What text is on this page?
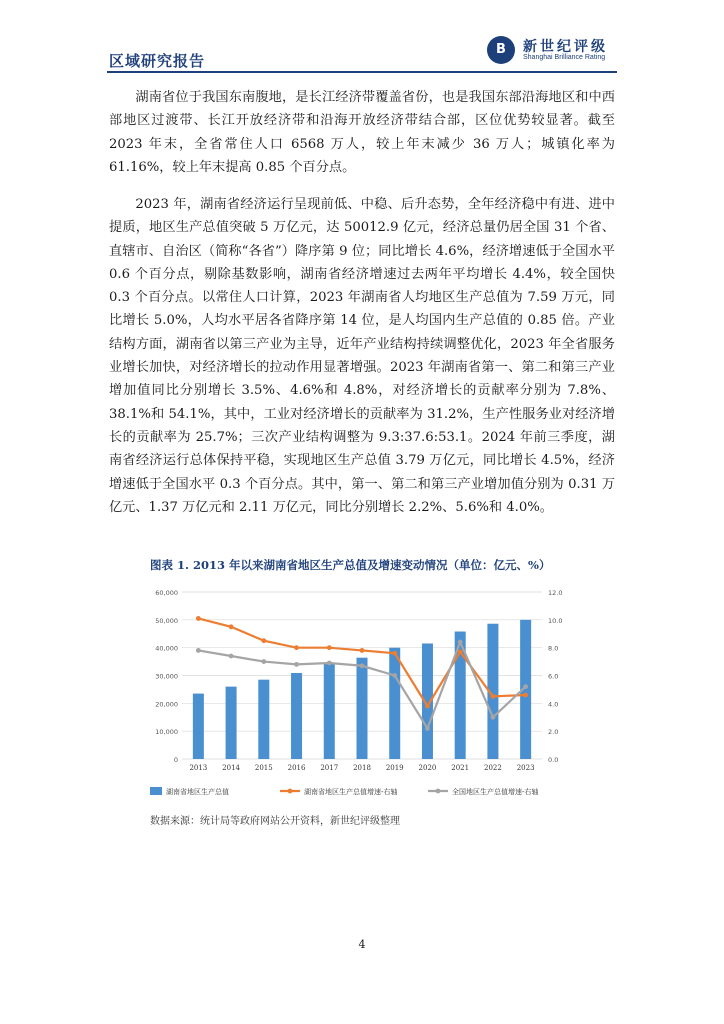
区域研究报告
B	新世纪评级
Shanghai Brilliance Rating

湖南省位于我国东南腹地，是长江经济带覆盖省份，也是我国东部沿海地区和中西部地区过渡带、长江开放经济带和沿海开放经济带结合部，区位优势较显著。截至 2023 年末，全省常住人口 6568 万人，较上年末减少 36 万人；城镇化率为 61.16%，较上年末提高 0.85 个百分点。

2023 年，湖南省经济运行呈现前低、中稳、后升态势，全年经济稳中有进、进中提质，地区生产总值突破 5 万亿元，达 50012.9 亿元，经济总量仍居全国 31 个省、直辖市、自治区（简称“各省”）降序第 9 位；同比增长 4.6%，经济增速低于全国水平 0.6 个百分点，剔除基数影响，湖南省经济增速过去两年平均增长 4.4%，较全国快 0.3 个百分点。以常住人口计算，2023 年湖南省人均地区生产总值为 7.59 万元，同比增长 5.0%，人均水平居各省降序第 14 位，是人均国内生产总值的 0.85 倍。产业结构方面，湖南省以第三产业为主导，近年产业结构持续调整优化，2023 年全省服务业增长加快，对经济增长的拉动作用显著增强。2023 年湖南省第一、第二和第三产业增加值同比分别增长 3.5%、4.6%和 4.8%，对经济增长的贡献率分别为 7.8%、38.1%和 54.1%，其中，工业对经济增长的贡献率为 31.2%，生产性服务业对经济增长的贡献率为 25.7%；三次产业结构调整为 9.3:37.6:53.1。2024 年前三季度，湖南省经济运行总体保持平稳，实现地区生产总值 3.79 万亿元，同比增长 4.5%，经济增速低于全国水平 0.3 个百分点。其中，第一、第二和第三产业增加值分别为 0.31 万亿元、1.37 万亿元和 2.11 万亿元，同比分别增长 2.2%、5.6%和 4.0%。

图表 1. 2013 年以来湖南省地区生产总值及增速变动情况（单位：亿元、%）
0
10,000
20,000
30,000
40,000
50,000
60,000
0.0
2.0
4.0
6.0
8.0
10.0
12.0
2013 2014 2015 2016 2017 2018 2019 2020 2021 2022 2023
湖南省地区生产总值	湖南省地区生产总值增速-右轴	全国地区生产总值增速-右轴
数据来源：统计局等政府网站公开资料，新世纪评级整理
4
